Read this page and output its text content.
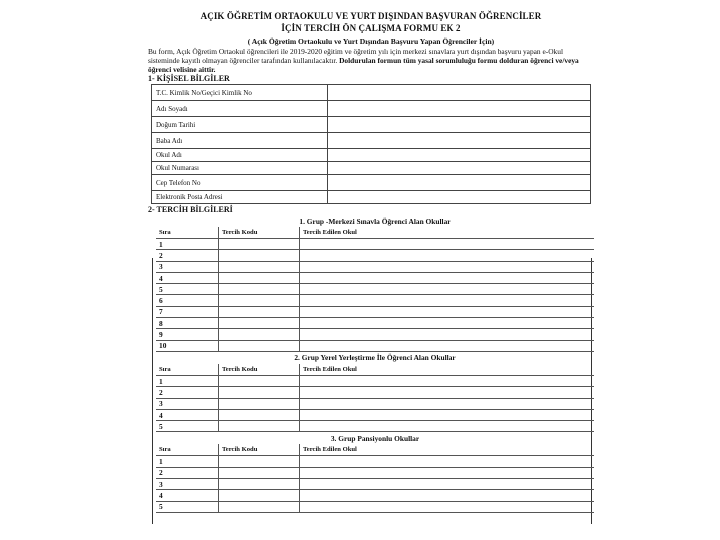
AÇIK ÖĞRETİM ORTAOKULU VE YURT DIŞINDAN BAŞVURAN ÖĞRENCİLER
İÇİN TERCİH ÖN ÇALIŞMA FORMU EK 2
( Açık Öğretim Ortaokulu ve Yurt Dışından Başvuru Yapan Öğrenciler İçin)
Bu form, Açık Öğretim Ortaokul öğrencileri ile 2019-2020 eğitim ve öğretim yılı için merkezi sınavlara yurt dışından başvuru yapan e-Okul sisteminde kayıtlı olmayan öğrenciler tarafından kullanılacaktır. Doldurulan formun tüm yasal sorumluluğu formu dolduran öğrenci ve/veya öğrenci velisine aittir.
1- KİŞİSEL BİLGİLER
T.C. Kimlik No/Geçici Kimlik No	
Adı Soyadı	
Doğum Tarihi	
Baba Adı	
Okul Adı	
Okul Numarası	
Cep Telefon No	
Elektronik Posta Adresi	
2- TERCİH BİLGİLERİ
1. Grup -Merkezi Sınavla Öğrenci Alan Okullar		
Sıra	Tercih Kodu	Tercih Edilen Okul
1		
2		
3		
4		
5		
6		
7		
8		
9		
10		
2. Grup Yerel Yerleştirme İle Öğrenci Alan Okullar		
Sıra	Tercih Kodu	Tercih Edilen Okul
1		
2		
3		
4		
5		
3. Grup Pansiyonlu Okullar		
Sıra	Tercih Kodu	Tercih Edilen Okul
1		
2		
3		
4		
5		
